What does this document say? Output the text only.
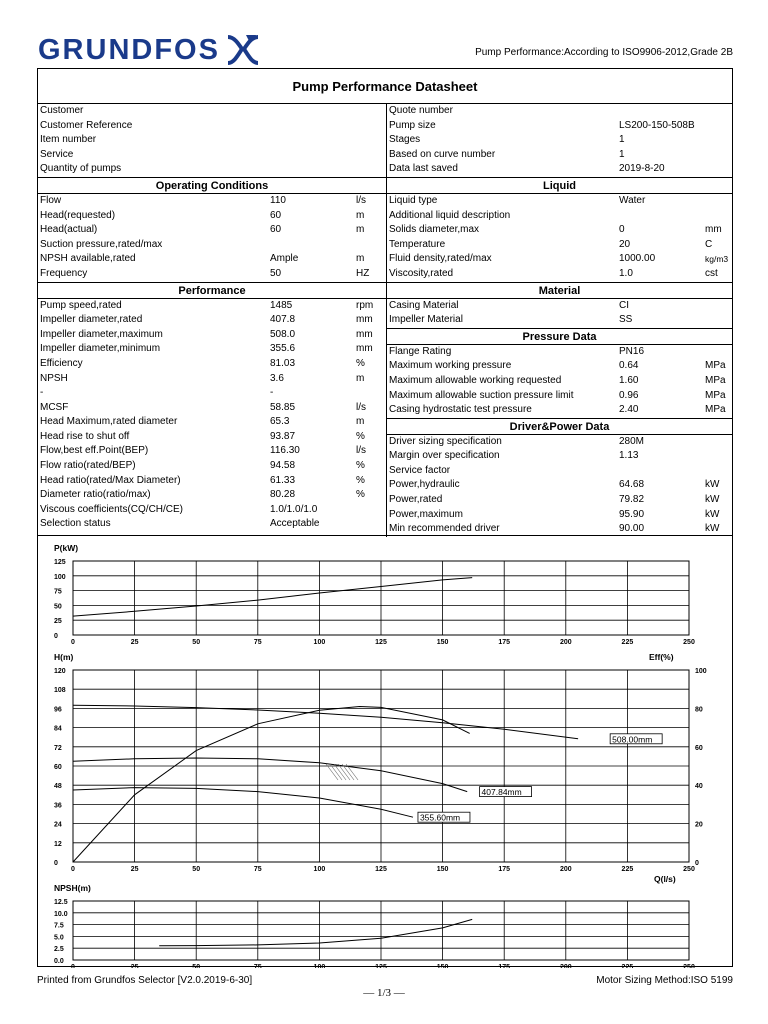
GRUNDFOS	Pump Performance:According to ISO9906-2012,Grade 2B
Pump Performance Datasheet
Customer
Customer Reference
Item number
Service
Quantity of pumps
Operating Conditions
Flow	110	l/s
Head(requested)	60	m
Head(actual)	60	m
Suction pressure,rated/max
NPSH available,rated	Ample	m
Frequency	50	HZ
Performance
Pump speed,rated	1485	rpm
Impeller diameter,rated	407.8	mm
Impeller diameter,maximum	508.0	mm
Impeller diameter,minimum	355.6	mm
Efficiency	81.03	%
NPSH	3.6	m
-	-
MCSF	58.85	l/s
Head Maximum,rated diameter	65.3	m
Head rise to shut off	93.87	%
Flow,best eff.Point(BEP)	116.30	l/s
Flow ratio(rated/BEP)	94.58	%
Head ratio(rated/Max Diameter)	61.33	%
Diameter ratio(ratio/max)	80.28	%
Viscous coefficients(CQ/CH/CE)	1.0/1.0/1.0
Selection status	Acceptable
Quote number
Pump size	LS200-150-508B
Stages	1
Based on curve number	1
Data last saved	2019-8-20
Liquid
Liquid type	Water
Additional liquid description
Solids diameter,max	0	mm
Temperature	20	C
Fluid density,rated/max	1000.00	kg/m3
Viscosity,rated	1.0	cst
Material
Casing Material	CI
Impeller Material	SS
Pressure Data
Flange Rating	PN16
Maximum working pressure	0.64	MPa
Maximum allowable working requested	1.60	MPa
Maximum allowable suction pressure limit	0.96	MPa
Casing hydrostatic test pressure	2.40	MPa
Driver&Power Data
Driver sizing specification	280M
Margin over specification	1.13
Service factor
Power,hydraulic	64.68	kW
Power,rated	79.82	kW
Power,maximum	95.90	kW
Min recommended driver	90.00	kW
0	25	50	75	100	125	150	175	200	225	250
0
25
50
75
100
125
P(kW)
0	25	50	75	100	125	150	175	200	225	250
0
12
24
36
48
60
72
84
96
108
120
H(m)
0
20
40
60
80
100
Eff(%)
Q(l/s)
0	25	50	75	100	125	150	175	200	225	250
0.0
2.5
5.0
7.5
10.0
12.5
NPSH(m)
508.00mm
407.84mm
355.60mm
Printed from Grundfos Selector [V2.0.2019-6-30]	Motor Sizing Method:ISO 5199
— 1/3 —
